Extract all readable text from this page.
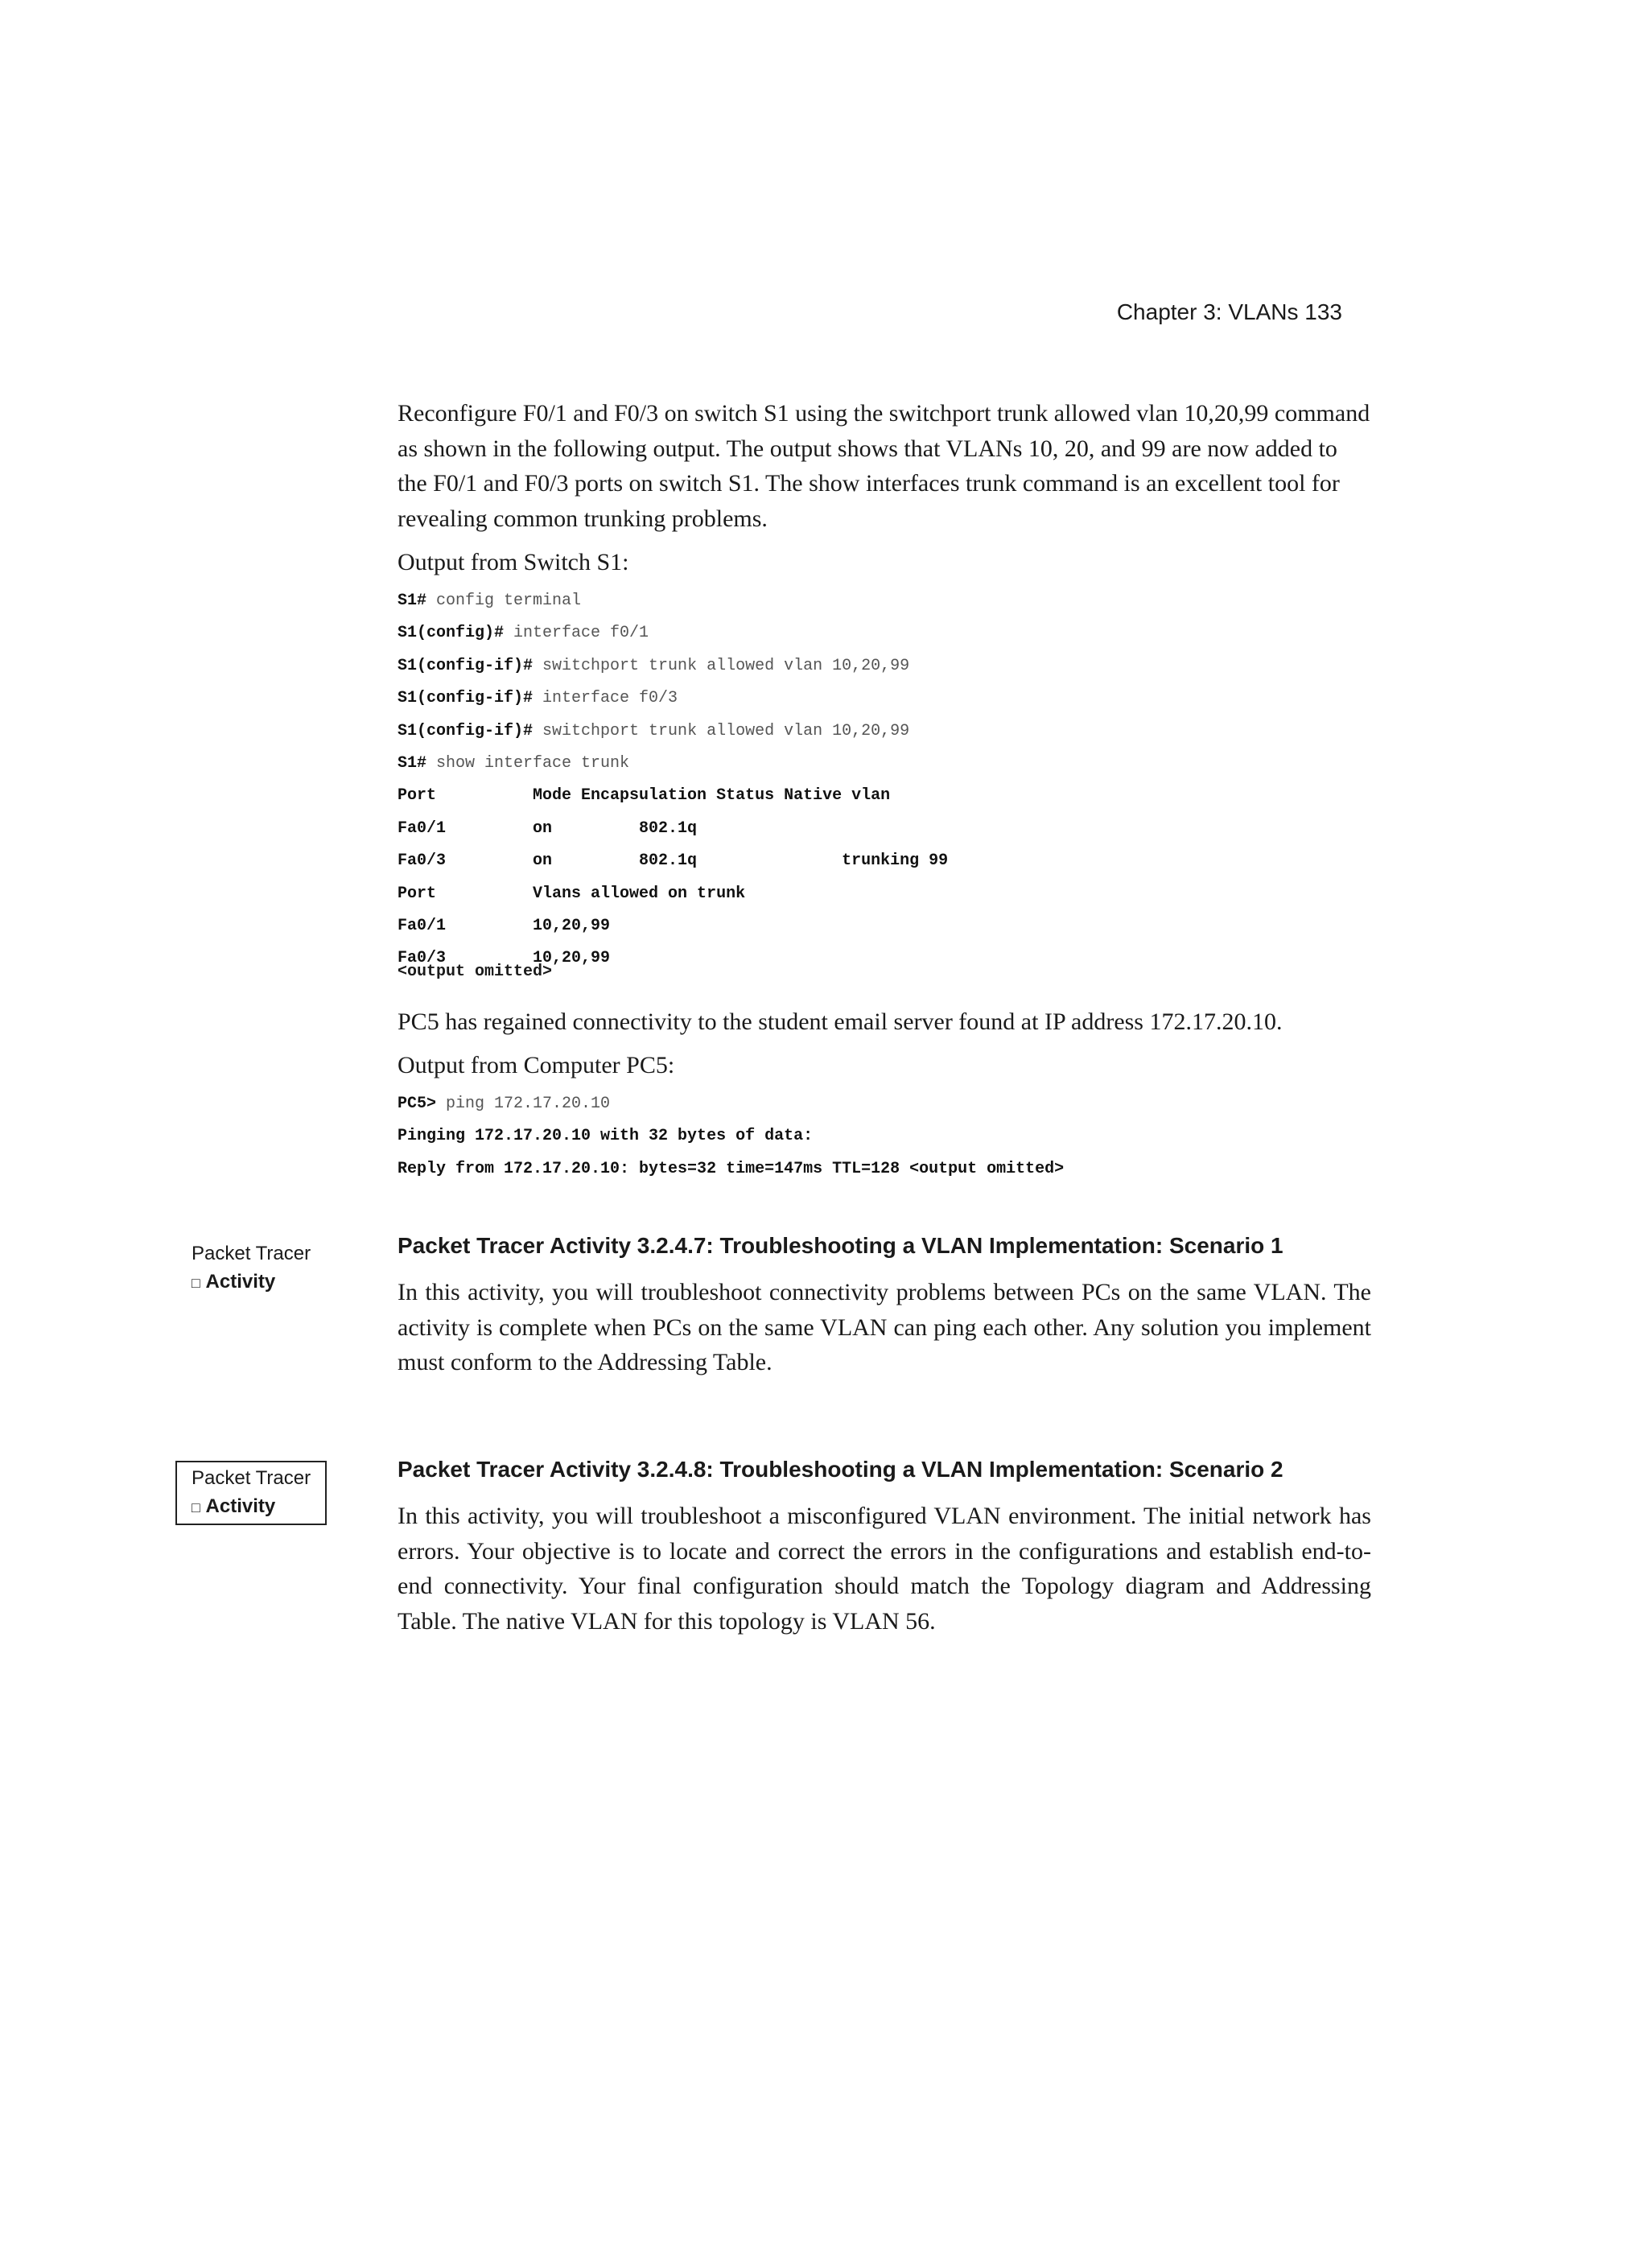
Chapter 3: VLANs 133

Reconfigure F0/1 and F0/3 on switch S1 using the switchport trunk allowed vlan 10,20,99 command as shown in the following output. The output shows that VLANs 10, 20, and 99 are now added to the F0/1 and F0/3 ports on switch S1. The show interfaces trunk command is an excellent tool for revealing common trunking problems.

Output from Switch S1:
S1# config terminal
S1(config)# interface f0/1
S1(config-if)# switchport trunk allowed vlan 10,20,99
S1(config-if)# interface f0/3
S1(config-if)# switchport trunk allowed vlan 10,20,99
S1# show interface trunk
Port          Mode Encapsulation Status Native vlan
Fa0/1         on         802.1q
Fa0/3         on         802.1q               trunking 99
Port          Vlans allowed on trunk
Fa0/1         10,20,99
Fa0/3         10,20,99
<output omitted>

PC5 has regained connectivity to the student email server found at IP address 172.17.20.10.

Output from Computer PC5:
PC5> ping 172.17.20.10
Pinging 172.17.20.10 with 32 bytes of data:
Reply from 172.17.20.10: bytes=32 time=147ms TTL=128 <output omitted>
Packet Tracer
□ Activity
Packet Tracer Activity 3.2.4.7: Troubleshooting a VLAN Implementation: Scenario 1

In this activity, you will troubleshoot connectivity problems between PCs on the same VLAN. The activity is complete when PCs on the same VLAN can ping each other. Any solution you implement must conform to the Addressing Table.

Packet Tracer
□ Activity
Packet Tracer Activity 3.2.4.8: Troubleshooting a VLAN Implementation: Scenario 2

In this activity, you will troubleshoot a misconfigured VLAN environment. The initial network has errors. Your objective is to locate and correct the errors in the configurations and establish end-to-end connectivity. Your final configuration should match the Topology diagram and Addressing Table. The native VLAN for this topology is VLAN 56.
